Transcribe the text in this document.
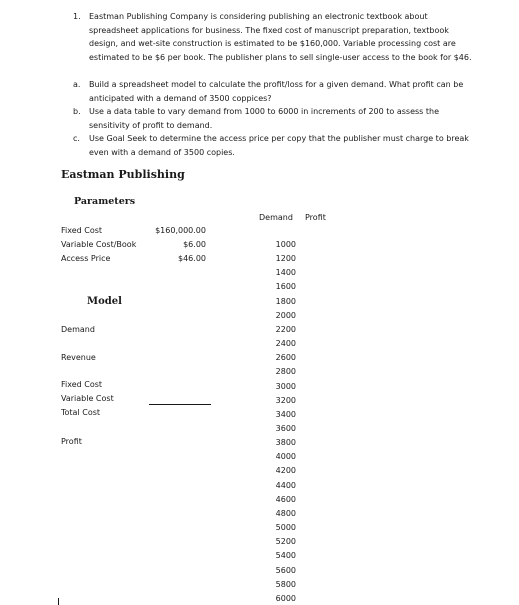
1. Eastman Publishing Company is considering publishing an electronic textbook about
spreadsheet applications for business. The fixed cost of manuscript preparation, textbook
design, and wet-site construction is estimated to be $160,000. Variable processing cost are
estimated to be $6 per book. The publisher plans to sell single-user access to the book for $46.
a. Build a spreadsheet model to calculate the profit/loss for a given demand. What profit can be
anticipated with a demand of 3500 coppices?
b. Use a data table to vary demand from 1000 to 6000 in increments of 200 to assess the
sensitivity of profit to demand.
c. Use Goal Seek to determine the access price per copy that the publisher must charge to break
even with a demand of 3500 copies.
Eastman Publishing
Parameters
Fixed Cost	$160,000.00
Variable Cost/Book	$6.00
Access Price	$46.00
Model
Demand
Revenue
Fixed Cost
Variable Cost
Total Cost
Profit
Demand Profit
1000
1200
1400
1600
1800
2000
2200
2400
2600
2800
3000
3200
3400
3600
3800
4000
4200
4400
4600
4800
5000
5200
5400
5600
5800
6000
